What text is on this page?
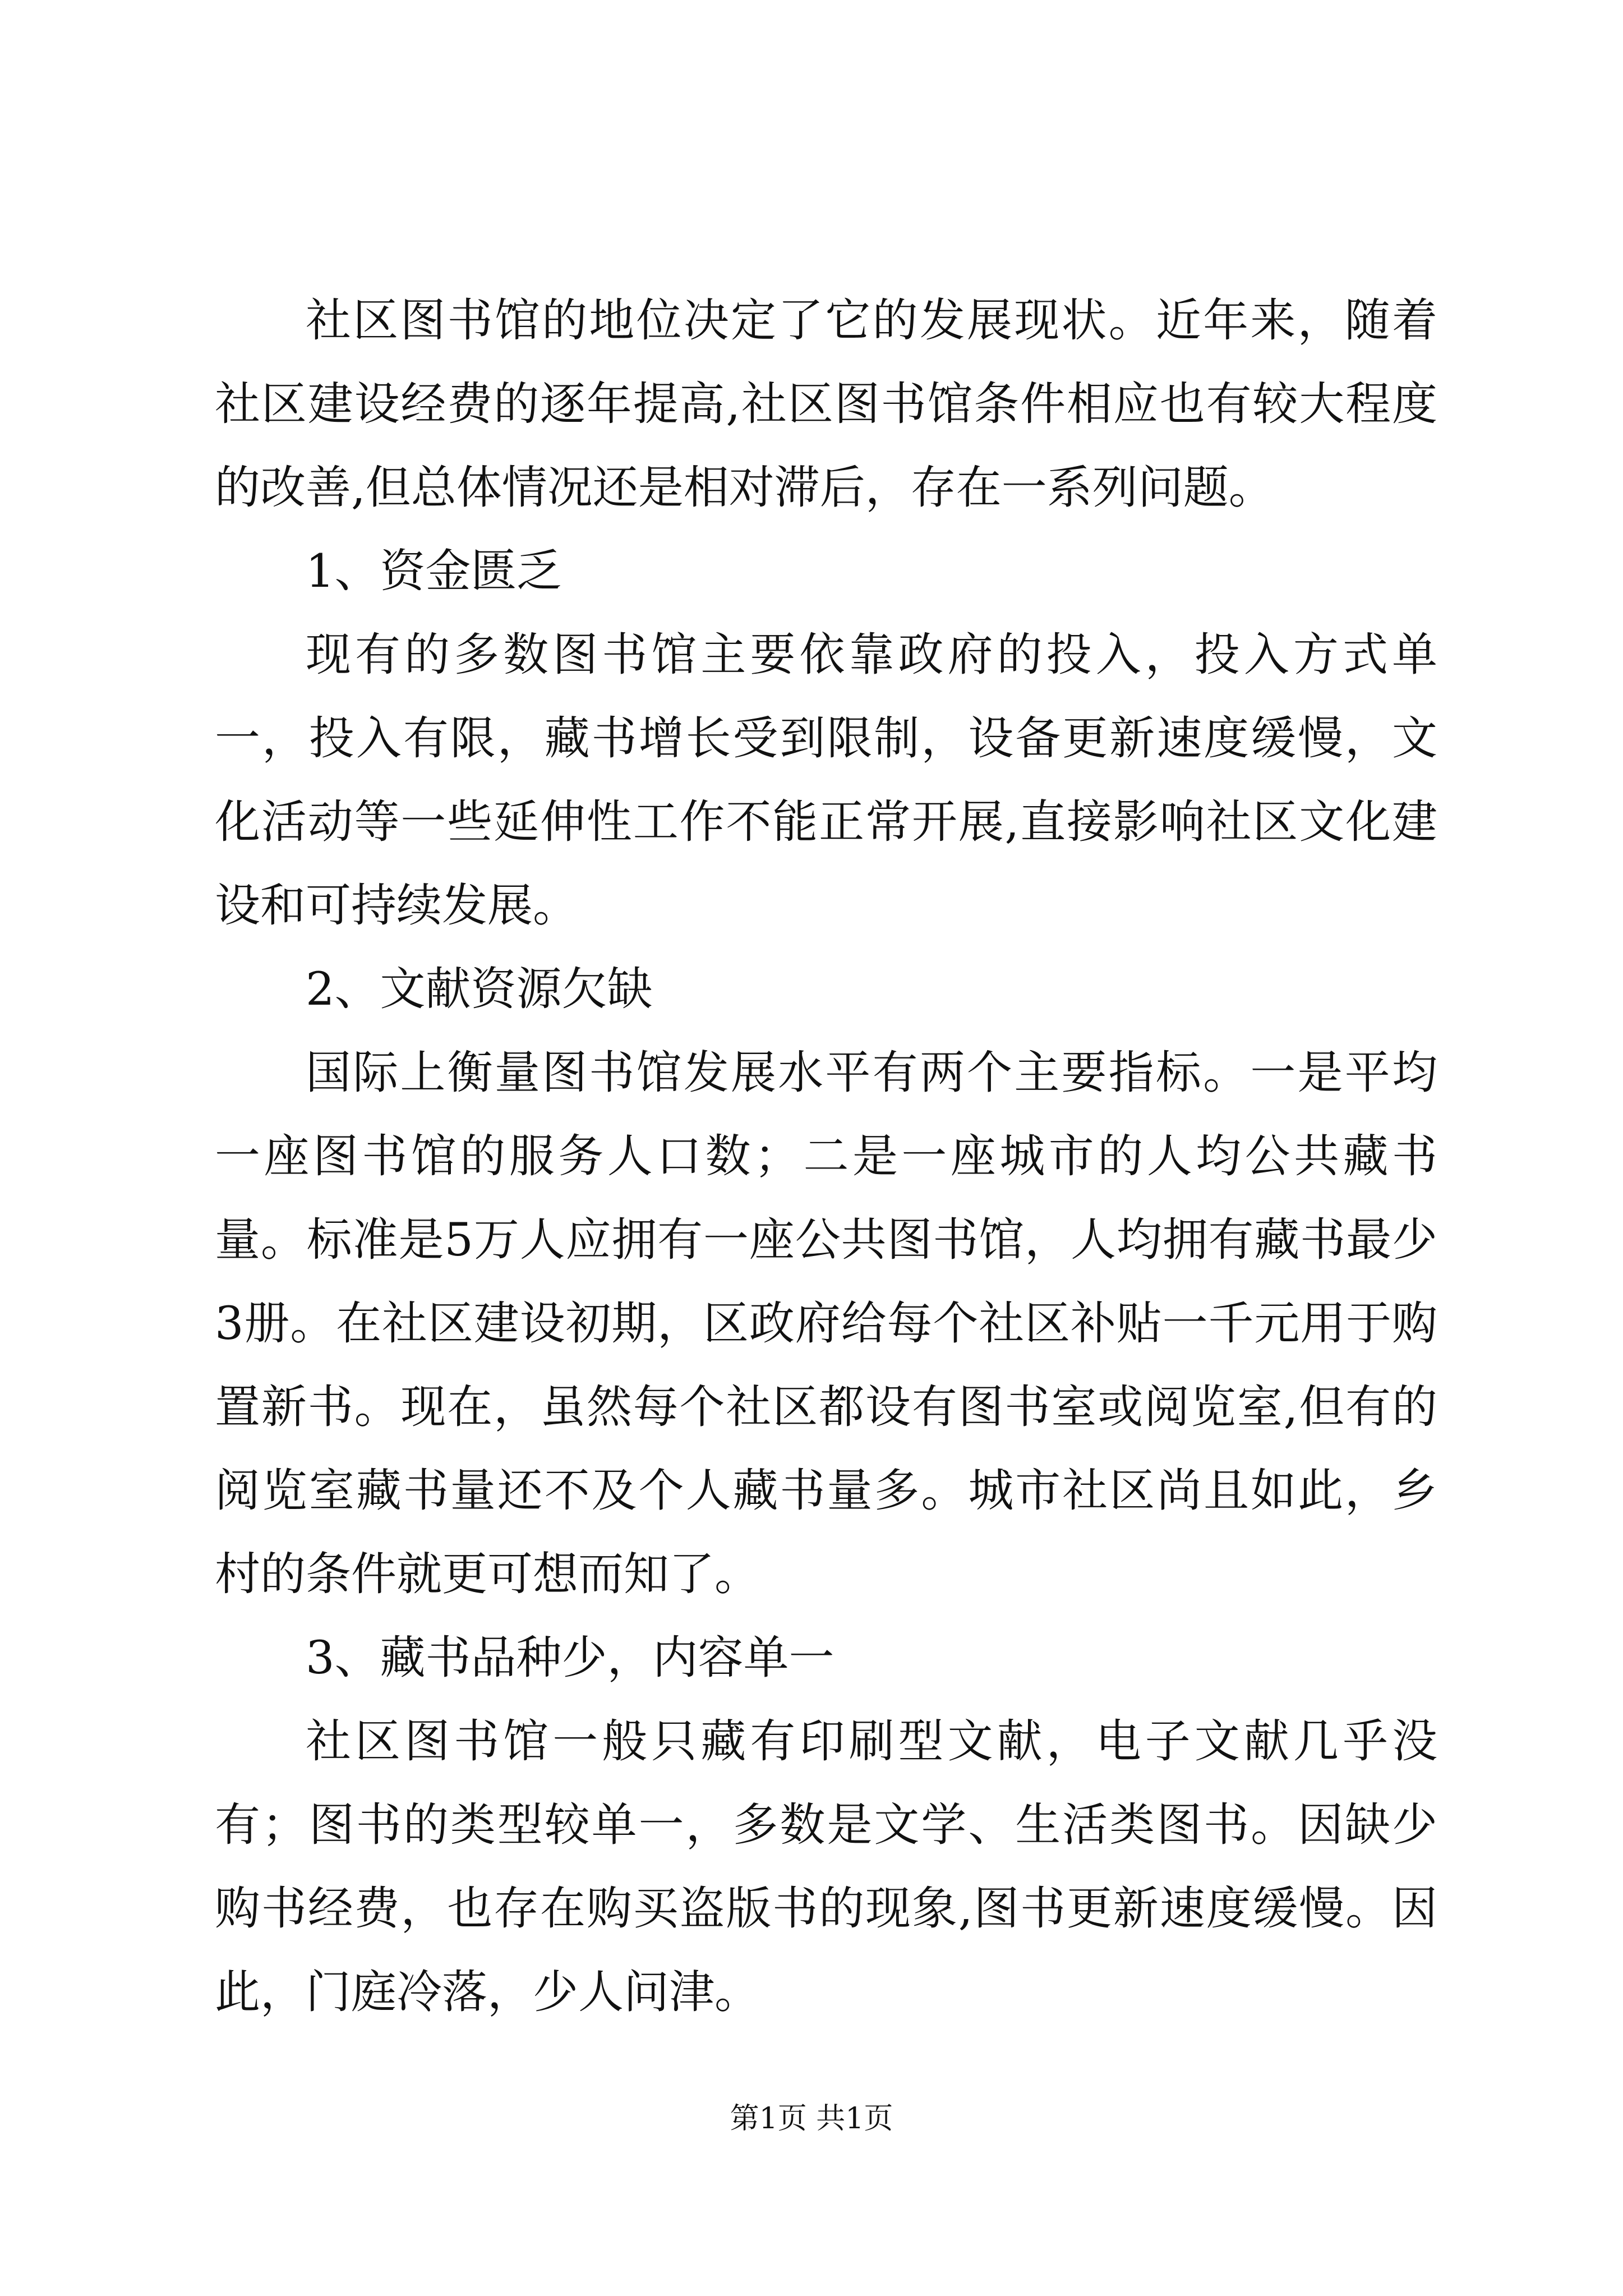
社区图书馆的地位决定了它的发展现状。近年来，随着社区建设经费的逐年提高,社区图书馆条件相应也有较大程度的改善,但总体情况还是相对滞后，存在一系列问题。

1、资金匮乏

现有的多数图书馆主要依靠政府的投入，投入方式单一，投入有限，藏书增长受到限制，设备更新速度缓慢，文化活动等一些延伸性工作不能正常开展,直接影响社区文化建设和可持续发展。

2、文献资源欠缺

国际上衡量图书馆发展水平有两个主要指标。一是平均一座图书馆的服务人口数；二是一座城市的人均公共藏书量。标准是5万人应拥有一座公共图书馆，人均拥有藏书最少3册。在社区建设初期，区政府给每个社区补贴一千元用于购置新书。现在，虽然每个社区都设有图书室或阅览室,但有的阅览室藏书量还不及个人藏书量多。城市社区尚且如此，乡村的条件就更可想而知了。

3、藏书品种少，内容单一

社区图书馆一般只藏有印刷型文献，电子文献几乎没有；图书的类型较单一，多数是文学、生活类图书。因缺少购书经费，也存在购买盗版书的现象,图书更新速度缓慢。因此，门庭冷落，少人问津。

第1页 共1页
